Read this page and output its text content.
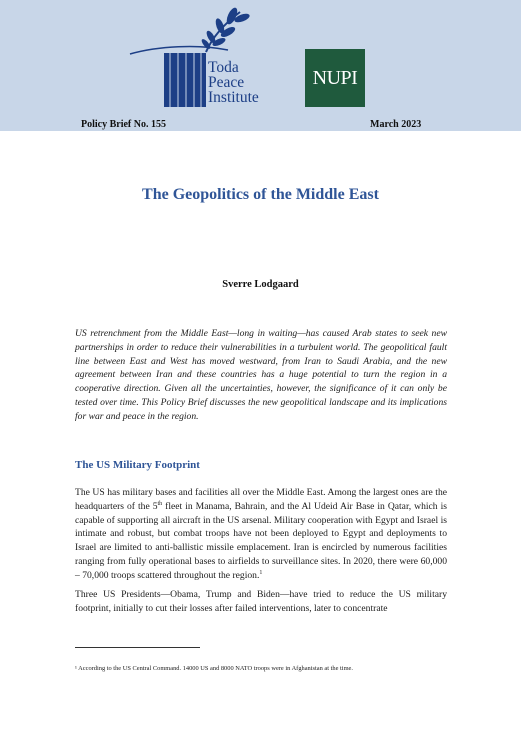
Toda
Peace
Institute
NUPI
Policy Brief No. 155	March 2023
The Geopolitics of the Middle East
Sverre Lodgaard
US retrenchment from the Middle East—long in waiting—has caused Arab states to seek new partnerships in order to reduce their vulnerabilities in a turbulent world. The geopolitical fault line between East and West has moved westward, from Iran to Saudi Arabia, and the new agreement between Iran and these countries has a huge potential to turn the region in a cooperative direction. Given all the uncertainties, however, the significance of it can only be tested over time. This Policy Brief discusses the new geopolitical landscape and its implications for war and peace in the region.
The US Military Footprint
The US has military bases and facilities all over the Middle East. Among the largest ones are the headquarters of the 5th fleet in Manama, Bahrain, and the Al Udeid Air Base in Qatar, which is capable of supporting all aircraft in the US arsenal. Military cooperation with Egypt and Israel is intimate and robust, but combat troops have not been deployed to Egypt and deployments to Israel are limited to anti-ballistic missile emplacement. Iran is encircled by numerous facilities ranging from fully operational bases to airfields to surveillance sites. In 2020, there were 60,000 – 70,000 troops scattered throughout the region.$^1$
Three US Presidents—Obama, Trump and Biden—have tried to reduce the US military footprint, initially to cut their losses after failed interventions, later to concentrate
¹ According to the US Central Command. 14000 US and 8000 NATO troops were in Afghanistan at the time.
